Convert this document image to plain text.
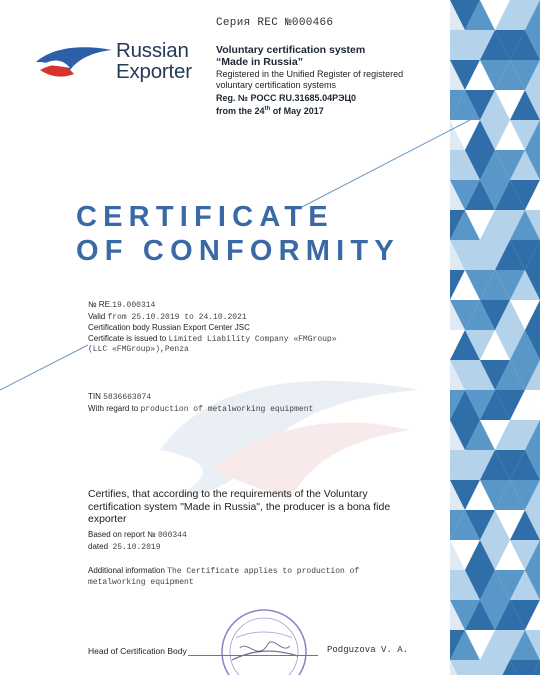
Серия REC №000466
Russian
Exporter
Voluntary certification system
“Made in Russia”
Registered in the Unified Register of registered
voluntary certification systems
Reg. № POCC RU.31685.04РЭЦ0
from the 24th of May 2017
CERTIFICATE
OF CONFORMITY
№ RE.19.000314
Valid from 25.10.2019 to 24.10.2021
Certification body Russian Export Center JSC
Certificate is issued to Limited Liability Company «FMGroup»
(LLC «FMGroup»),Penza
TIN 5836663874
With regard to production of metalworking equipment
Certifies, that according to the requirements of the Voluntary certification system "Made in Russia", the producer is a bona fide exporter
Based on report № 000344
dated 25.10.2019
Additional information The Certificate applies to production of
metalworking equipment
Head of Certification Body	Podguzova V. A.
